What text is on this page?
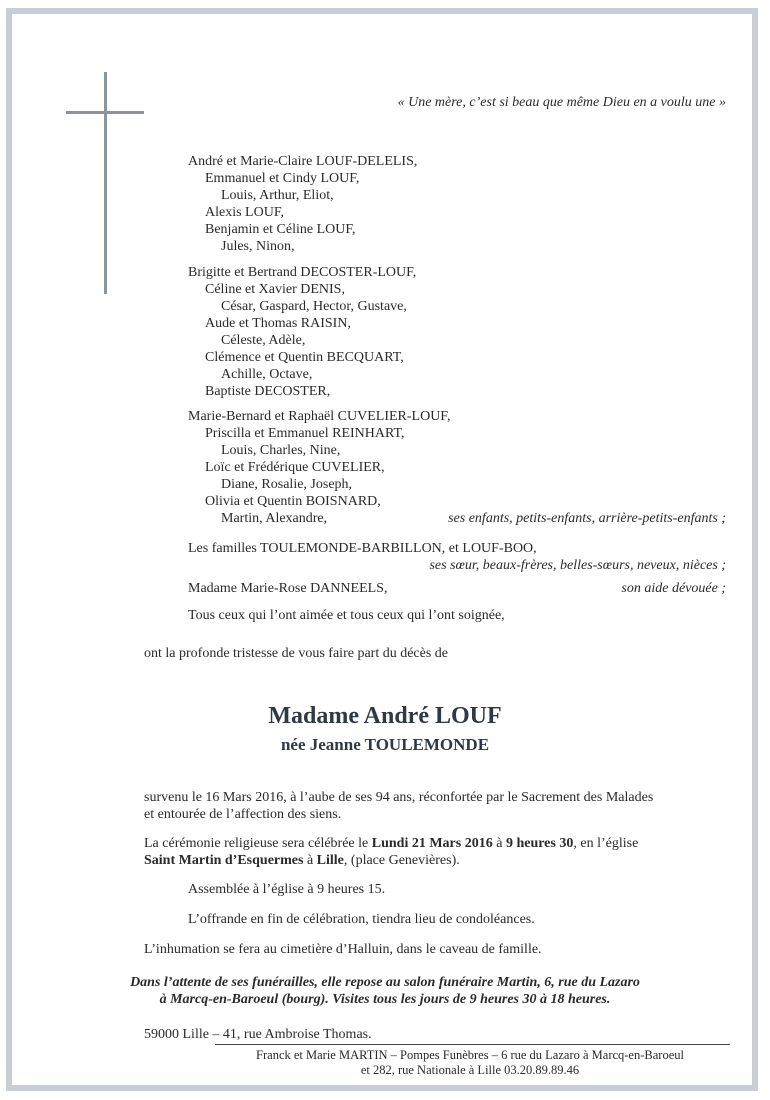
« Une mère, c’est si beau que même Dieu en a voulu une »
André et Marie-Claire LOUF-DELELIS,
Emmanuel et Cindy LOUF,
Louis, Arthur, Eliot,
Alexis LOUF,
Benjamin et Céline LOUF,
Jules, Ninon,
Brigitte et Bertrand DECOSTER-LOUF,
Céline et Xavier DENIS,
César, Gaspard, Hector, Gustave,
Aude et Thomas RAISIN,
Céleste, Adèle,
Clémence et Quentin BECQUART,
Achille, Octave,
Baptiste DECOSTER,
Marie-Bernard et Raphaël CUVELIER-LOUF,
Priscilla et Emmanuel REINHART,
Louis, Charles, Nine,
Loïc et Frédérique CUVELIER,
Diane, Rosalie, Joseph,
Olivia et Quentin BOISNARD,
Martin, Alexandre,	ses enfants, petits-enfants, arrière-petits-enfants ;
Les familles TOULEMONDE-BARBILLON, et LOUF-BOO,
ses sœur, beaux-frères, belles-sœurs, neveux, nièces ;
Madame Marie-Rose DANNEELS,	son aide dévouée ;
Tous ceux qui l’ont aimée et tous ceux qui l’ont soignée,
ont la profonde tristesse de vous faire part du décès de
Madame André LOUF
née Jeanne TOULEMONDE
survenu le 16 Mars 2016, à l’aube de ses 94 ans, réconfortée par le Sacrement des Malades
et entourée de l’affection des siens.
La cérémonie religieuse sera célébrée le Lundi 21 Mars 2016 à 9 heures 30, en l’église
Saint Martin d’Esquermes à Lille, (place Genevières).
Assemblée à l’église à 9 heures 15.
L’offrande en fin de célébration, tiendra lieu de condoléances.
L’inhumation se fera au cimetière d’Halluin, dans le caveau de famille.
Dans l’attente de ses funérailles, elle repose au salon funéraire Martin, 6, rue du Lazaro
à Marcq-en-Baroeul (bourg). Visites tous les jours de 9 heures 30 à 18 heures.
59000 Lille – 41, rue Ambroise Thomas.
Franck et Marie MARTIN – Pompes Funèbres – 6 rue du Lazaro à Marcq-en-Baroeul
et 282, rue Nationale à Lille 03.20.89.89.46
